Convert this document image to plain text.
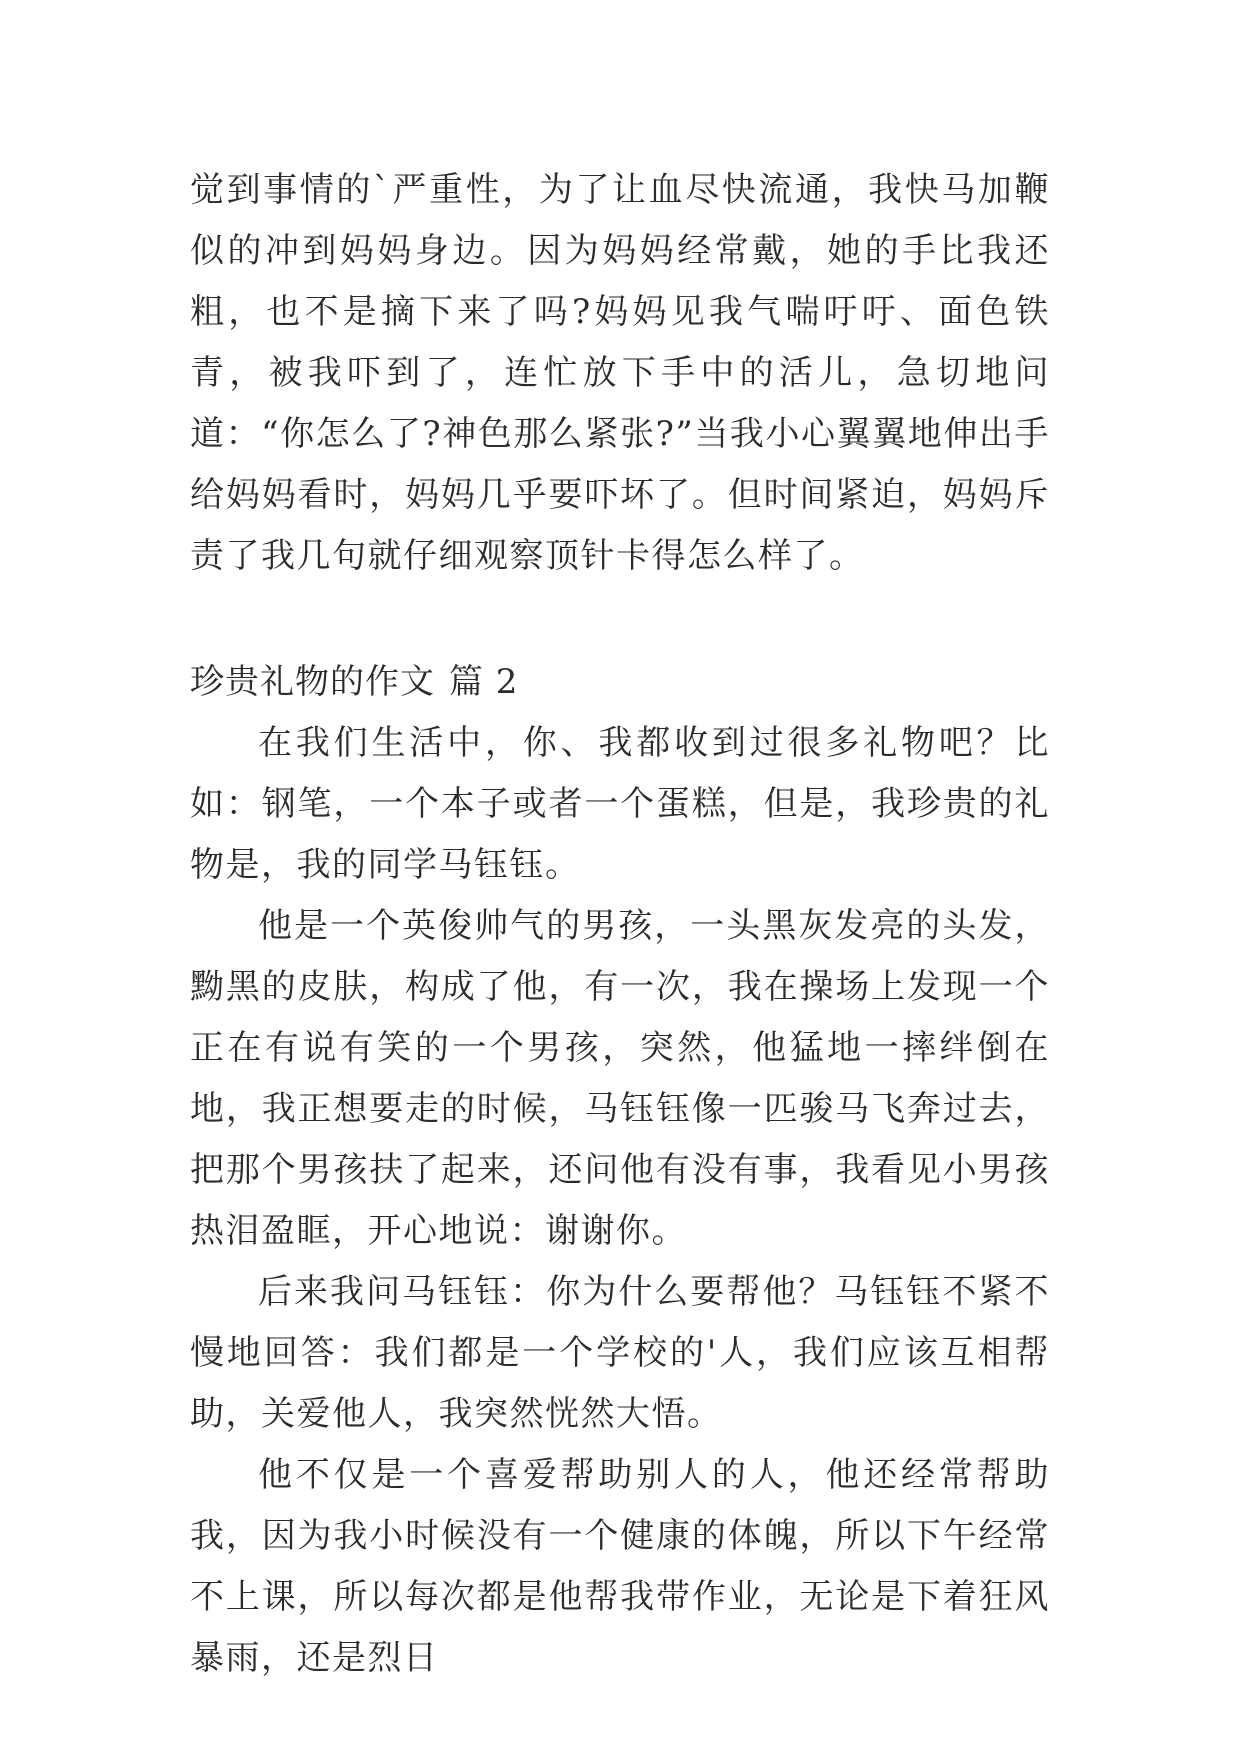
觉到事情的`严重性，为了让血尽快流通，我快马加鞭似的冲到妈妈身边。因为妈妈经常戴，她的手比我还粗，也不是摘下来了吗?妈妈见我气喘吁吁、面色铁青，被我吓到了，连忙放下手中的活儿，急切地问道：“你怎么了?神色那么紧张?”当我小心翼翼地伸出手给妈妈看时，妈妈几乎要吓坏了。但时间紧迫，妈妈斥责了我几句就仔细观察顶针卡得怎么样了。

珍贵礼物的作文 篇 2

在我们生活中，你、我都收到过很多礼物吧？比如：钢笔，一个本子或者一个蛋糕，但是，我珍贵的礼物是，我的同学马钰钰。

他是一个英俊帅气的男孩，一头黑灰发亮的头发，黝黑的皮肤，构成了他，有一次，我在操场上发现一个正在有说有笑的一个男孩，突然，他猛地一摔绊倒在地，我正想要走的时候，马钰钰像一匹骏马飞奔过去，把那个男孩扶了起来，还问他有没有事，我看见小男孩热泪盈眶，开心地说：谢谢你。

后来我问马钰钰：你为什么要帮他？马钰钰不紧不慢地回答：我们都是一个学校的'人，我们应该互相帮助，关爱他人，我突然恍然大悟。

他不仅是一个喜爱帮助别人的人，他还经常帮助我，因为我小时候没有一个健康的体魄，所以下午经常不上课，所以每次都是他帮我带作业，无论是下着狂风暴雨，还是烈日
